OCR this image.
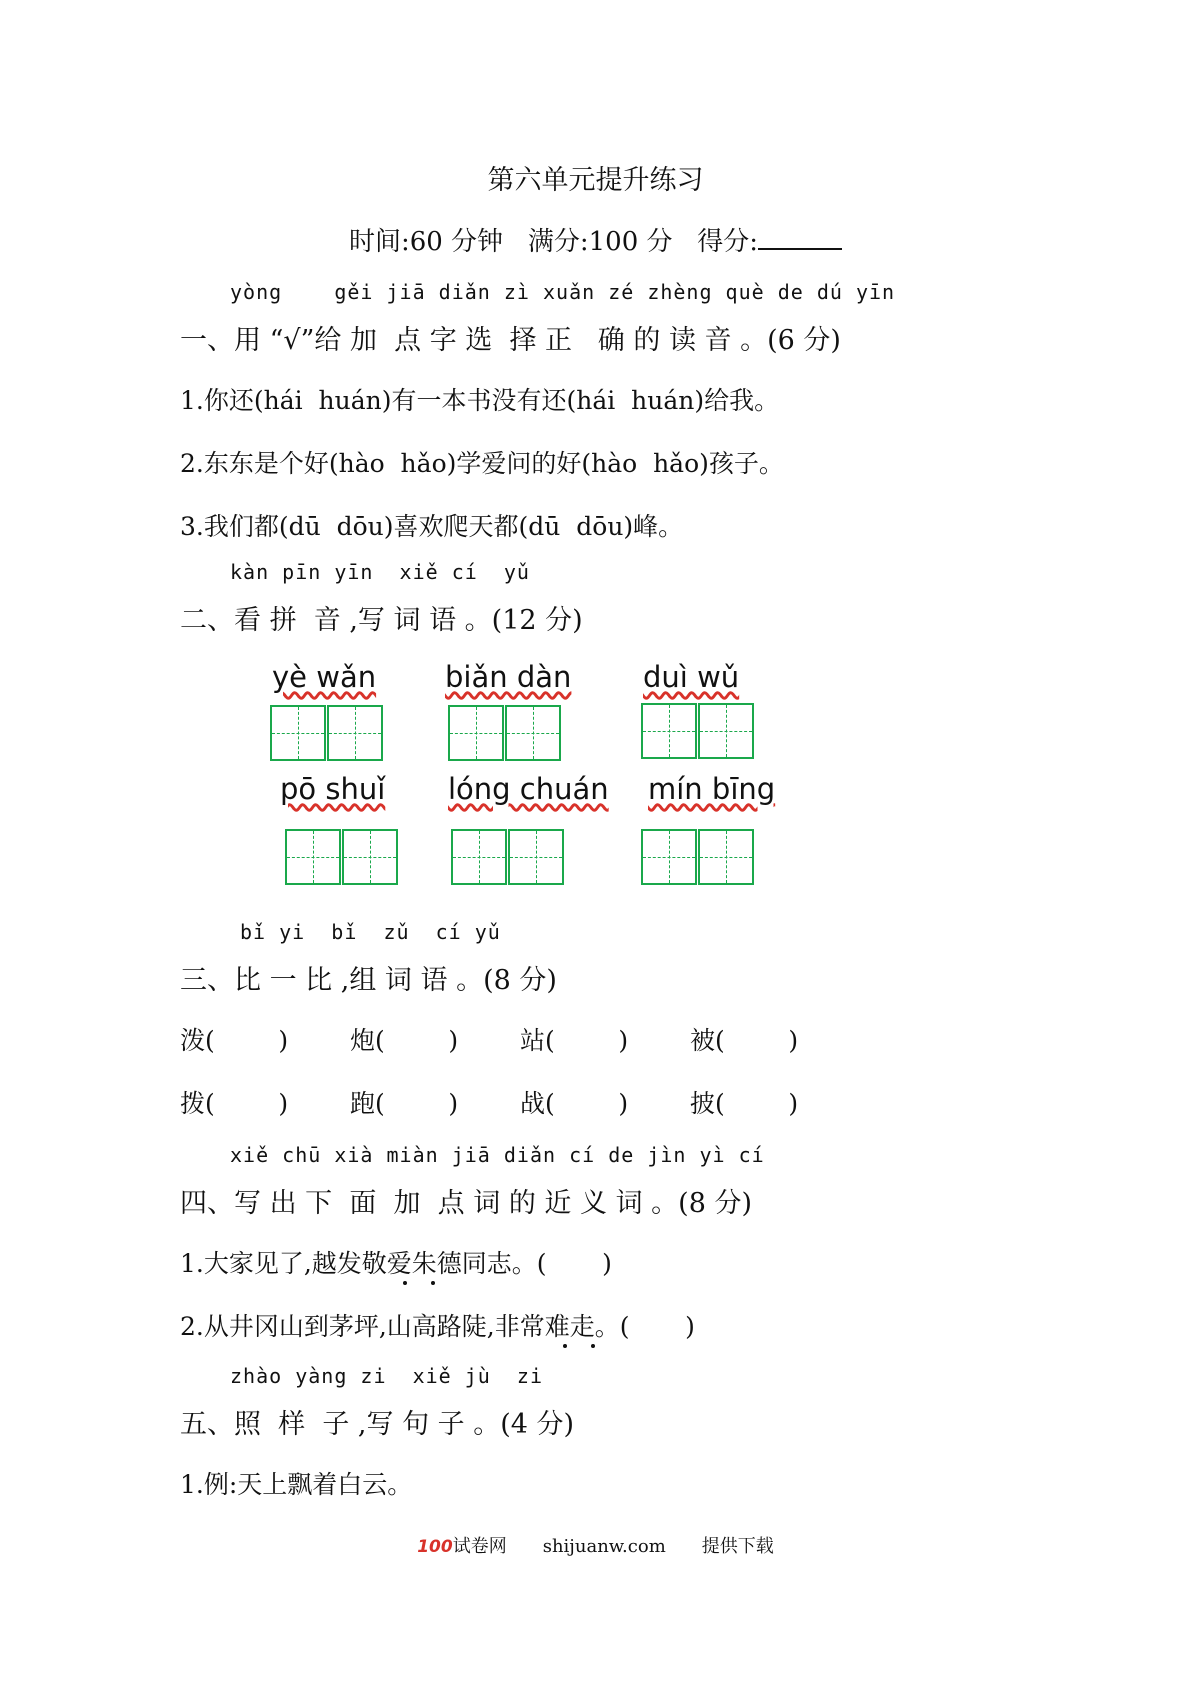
第六单元提升练习
时间:60 分钟 满分:100 分 得分:
yòng    gěi jiā diǎn zì xuǎn zé zhèng què de dú yīn
一、用 “√”给 加  点 字 选  择 正   确 的 读 音 。(6 分)
1.你还(hái  huán)有一本书没有还(hái  huán)给我。
2.东东是个好(hào  hǎo)学爱问的好(hào  hǎo)孩子。
3.我们都(dū  dōu)喜欢爬天都(dū  dōu)峰。
kàn pīn yīn  xiě cí  yǔ
二、看 拼  音 ,写 词 语 。(12 分)
yè wǎn biǎn dàn duì wǔ
pō shuǐ lóng chuán mín bīng
bǐ yi  bǐ  zǔ  cí yǔ
三、比 一 比 ,组 词 语 。(8 分)
泼(        ) 炮(        ) 站(        ) 被(        )
拨(        ) 跑(        ) 战(        ) 披(        )
xiě chū xià miàn jiā diǎn cí de jìn yì cí
四、写 出 下  面  加  点 词 的 近 义 词 。(8 分)
1.大家见了,越发敬爱朱德同志。(       )
2.从井冈山到茅坪,山高路陡,非常难走。(       )
zhào yàng zi  xiě jù  zi
五、照  样  子 ,写 句 子 。(4 分)
1.例:天上飘着白云。
100试卷网 shijuanw.com 提供下载
